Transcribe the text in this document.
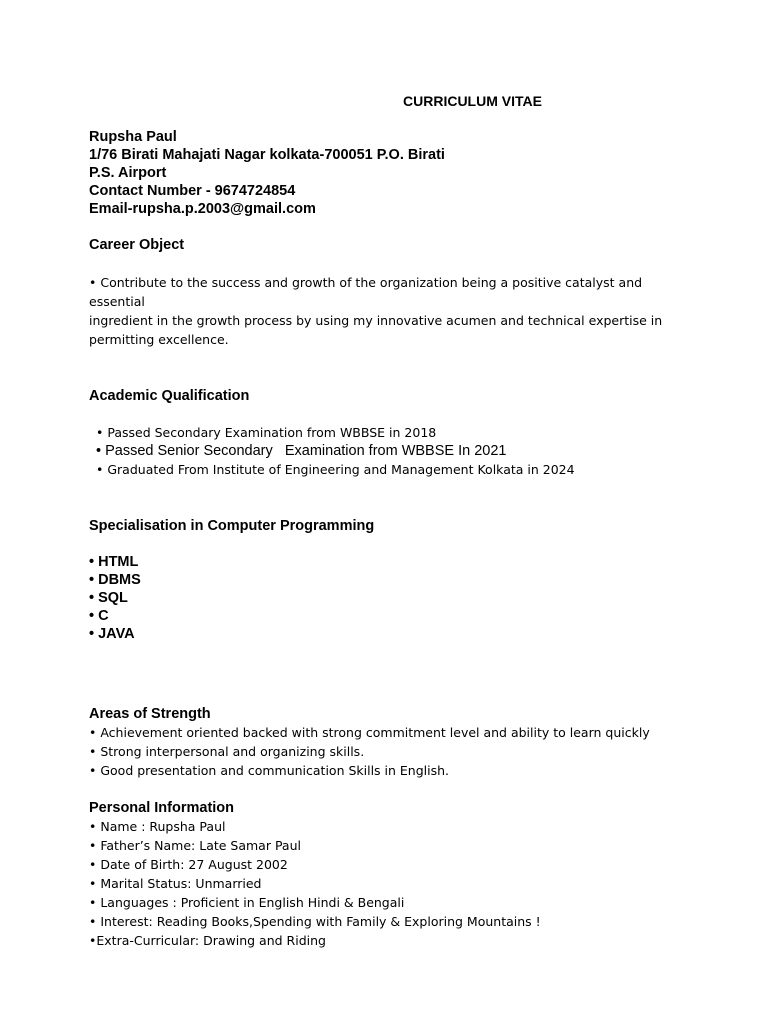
CURRICULUM VITAE
Rupsha Paul
1/76 Birati Mahajati Nagar kolkata-700051 P.O. Birati
P.S. Airport
Contact Number - 9674724854
Email-rupsha.p.2003@gmail.com
Career Object
• Contribute to the success and growth of the organization being a positive catalyst and
essential
ingredient in the growth process by using my innovative acumen and technical expertise in
permitting excellence.
Academic Qualification
• Passed Secondary Examination from WBBSE in 2018
• Passed Senior Secondary   Examination from WBBSE In 2021
• Graduated From Institute of Engineering and Management Kolkata in 2024
Specialisation in Computer Programming
• HTML
• DBMS
• SQL
• C
• JAVA
Areas of Strength
• Achievement oriented backed with strong commitment level and ability to learn quickly
• Strong interpersonal and organizing skills.
• Good presentation and communication Skills in English.
Personal Information
• Name : Rupsha Paul
• Father’s Name: Late Samar Paul
• Date of Birth: 27 August 2002
• Marital Status: Unmarried
• Languages : Proficient in English Hindi & Bengali
• Interest: Reading Books,Spending with Family & Exploring Mountains !
•Extra-Curricular: Drawing and Riding
